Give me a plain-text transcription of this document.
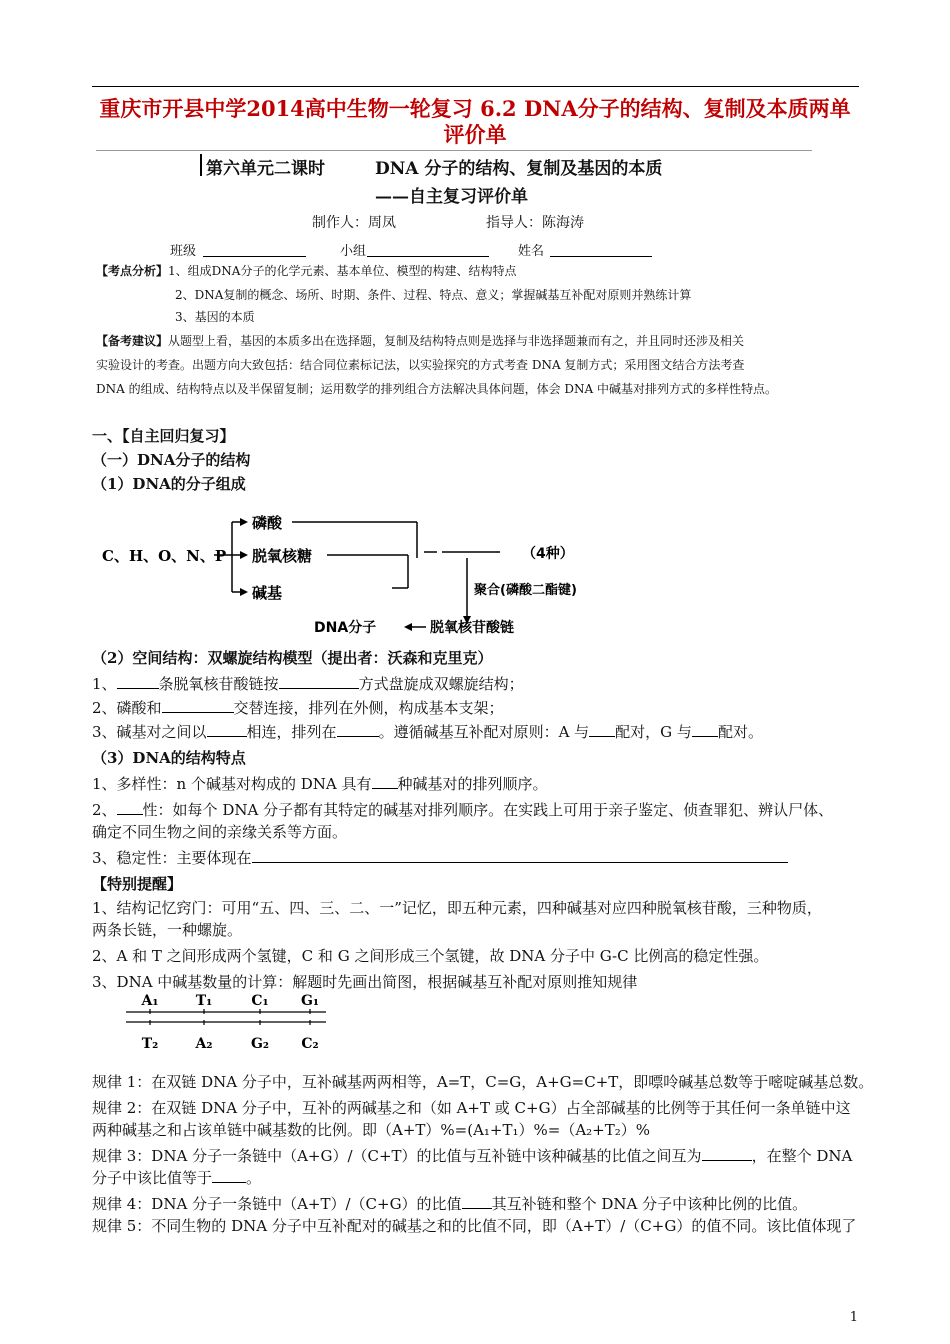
重庆市开县中学2014高中生物一轮复习 6.2 DNA分子的结构、复制及本质两单
评价单
第六单元二课时	DNA 分子的结构、复制及基因的本质
——自主复习评价单
制作人：周凤	指导人：陈海涛
班级	小组	姓名
【考点分析】1、组成DNA分子的化学元素、基本单位、模型的构建、结构特点
2、DNA复制的概念、场所、时期、条件、过程、特点、意义；掌握碱基互补配对原则并熟练计算
3、基因的本质
【备考建议】从题型上看，基因的本质多出在选择题，复制及结构特点则是选择与非选择题兼而有之，并且同时还涉及相关
实验设计的考查。出题方向大致包括：结合同位素标记法，以实验探究的方式考查 DNA 复制方式；采用图文结合方法考查
DNA 的组成、结构特点以及半保留复制；运用数学的排列组合方法解决具体问题，体会 DNA 中碱基对排列方式的多样性特点。
一、【自主回归复习】
（一）DNA分子的结构
（1）DNA的分子组成
C、H、O、N、P
磷酸
脱氧核糖
碱基
（4种）
聚合(磷酸二酯键)
DNA分子	脱氧核苷酸链
（2）空间结构：双螺旋结构模型（提出者：沃森和克里克）
1、	条脱氧核苷酸链按	方式盘旋成双螺旋结构；
2、磷酸和	交替连接，排列在外侧，构成基本支架；
3、碱基对之间以	相连，排列在	。遵循碱基互补配对原则：A 与 配对，G 与 配对。
（3）DNA的结构特点
1、多样性：n 个碱基对构成的 DNA 具有 种碱基对的排列顺序。
2、 性：如每个 DNA 分子都有其特定的碱基对排列顺序。在实践上可用于亲子鉴定、侦查罪犯、辨认尸体、
确定不同生物之间的亲缘关系等方面。
3、稳定性：主要体现在
【特别提醒】
1、结构记忆窍门：可用“五、四、三、二、一”记忆，即五种元素，四种碱基对应四种脱氧核苷酸，三种物质，
两条长链，一种螺旋。
2、A 和 T 之间形成两个氢键，C 和 G 之间形成三个氢键，故 DNA 分子中 G-C 比例高的稳定性强。
3、DNA 中碱基数量的计算：解题时先画出简图，根据碱基互补配对原则推知规律
A₁	T₁	C₁ G₁
T₂	A₂	G₂ C₂
规律 1：在双链 DNA 分子中，互补碱基两两相等，A=T，C=G，A+G=C+T，即嘌呤碱基总数等于嘧啶碱基总数。
规律 2：在双链 DNA 分子中，互补的两碱基之和（如 A+T 或 C+G）占全部碱基的比例等于其任何一条单链中这
两种碱基之和占该单链中碱基数的比例。即（A+T）%=(A₁+T₁）%=（A₂+T₂）%
规律 3：DNA 分子一条链中（A+G）/（C+T）的比值与互补链中该种碱基的比值之间互为	，在整个 DNA
分子中该比值等于 。
规律 4：DNA 分子一条链中（A+T）/（C+G）的比值 其互补链和整个 DNA 分子中该种比例的比值。
规律 5：不同生物的 DNA 分子中互补配对的碱基之和的比值不同，即（A+T）/（C+G）的值不同。该比值体现了
1
